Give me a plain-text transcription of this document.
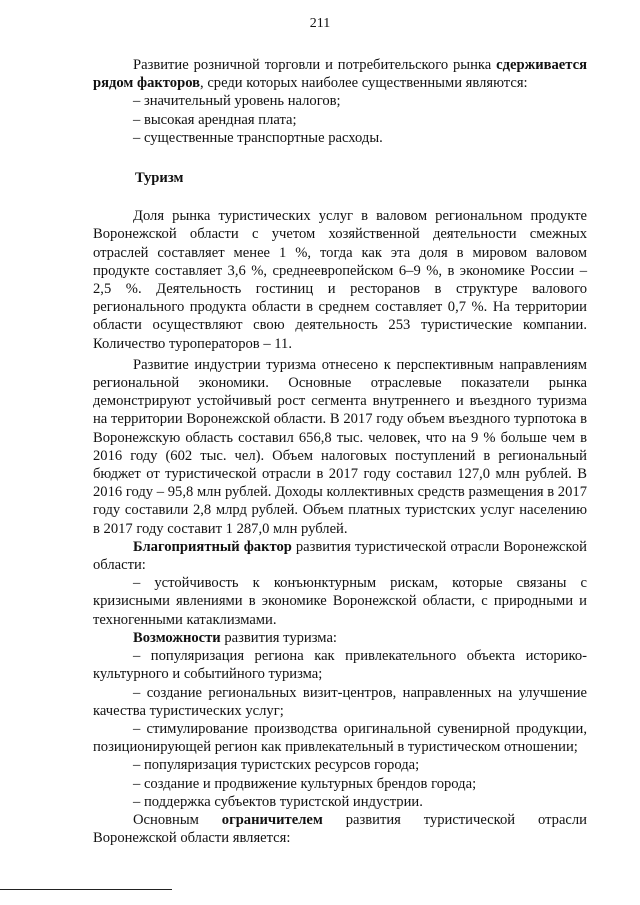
211

Развитие розничной торговли и потребительского рынка сдерживается рядом факторов, среди которых наиболее существенными являются:

– значительный уровень налогов;

– высокая арендная плата;

– существенные транспортные расходы.

Туризм

Доля рынка туристических услуг в валовом региональном продукте Воронежской области с учетом хозяйственной деятельности смежных отраслей составляет менее 1 %, тогда как эта доля в мировом валовом продукте составляет 3,6 %, среднеевропейском 6–9 %, в экономике России – 2,5 %. Деятельность гостиниц и ресторанов в структуре валового регионального продукта области в среднем составляет 0,7 %. На территории области осуществляют свою деятельность 253 туристические компании. Количество туроператоров – 11.

Развитие индустрии туризма отнесено к перспективным направлениям региональной экономики. Основные отраслевые показатели рынка демонстрируют устойчивый рост сегмента внутреннего и въездного туризма на территории Воронежской области. В 2017 году объем въездного турпотока в Воронежскую область составил 656,8 тыс. человек, что на 9 % больше чем в 2016 году (602 тыс. чел). Объем налоговых поступлений в региональный бюджет от туристической отрасли в 2017 году составил 127,0 млн рублей. В 2016 году – 95,8 млн рублей. Доходы коллективных средств размещения в 2017 году составили 2,8 млрд рублей. Объем платных туристских услуг населению в 2017 году составит 1 287,0 млн рублей.

Благоприятный фактор развития туристической отрасли Воронежской области:

– устойчивость к конъюнктурным рискам, которые связаны с кризисными явлениями в экономике Воронежской области, с природными и техногенными катаклизмами.

Возможности развития туризма:

– популяризация региона как привлекательного объекта историко-культурного и событийного туризма;

– создание региональных визит-центров, направленных на улучшение качества туристических услуг;

– стимулирование производства оригинальной сувенирной продукции, позиционирующей регион как привлекательный в туристическом отношении;

– популяризация туристских ресурсов города;

– создание и продвижение культурных брендов города;

– поддержка субъектов туристской индустрии.

Основным ограничителем развития туристической отрасли Воронежской области является:
